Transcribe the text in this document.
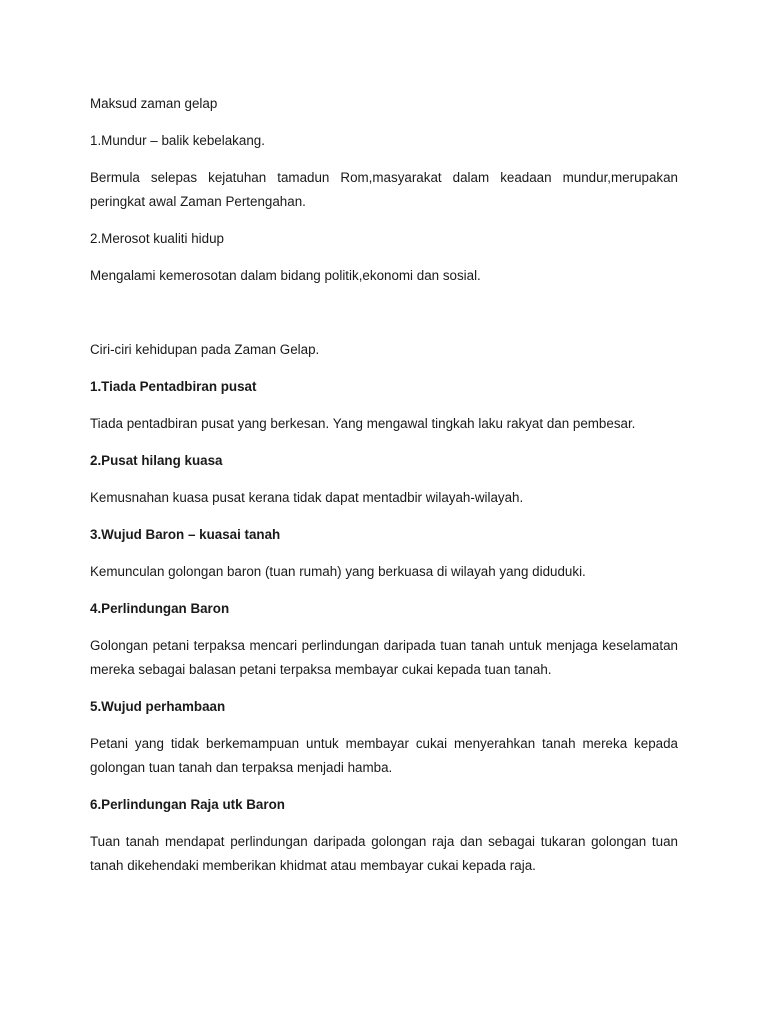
Maksud zaman gelap

1.Mundur – balik kebelakang.

Bermula selepas kejatuhan tamadun Rom,masyarakat dalam keadaan mundur,merupakan peringkat awal Zaman Pertengahan.

2.Merosot kualiti hidup

Mengalami kemerosotan dalam bidang politik,ekonomi dan sosial.

Ciri-ciri kehidupan pada Zaman Gelap.

1.Tiada Pentadbiran pusat

Tiada pentadbiran pusat yang berkesan. Yang mengawal tingkah laku rakyat dan pembesar.

2.Pusat hilang kuasa

Kemusnahan kuasa pusat kerana tidak dapat mentadbir wilayah-wilayah.

3.Wujud Baron – kuasai tanah

Kemunculan golongan baron (tuan rumah) yang berkuasa di wilayah yang diduduki.

4.Perlindungan Baron

Golongan petani terpaksa mencari perlindungan daripada tuan tanah untuk menjaga keselamatan mereka sebagai balasan petani terpaksa membayar cukai kepada tuan tanah.

5.Wujud perhambaan

Petani yang tidak berkemampuan untuk membayar cukai menyerahkan tanah mereka kepada golongan tuan tanah dan terpaksa menjadi hamba.

6.Perlindungan Raja utk Baron

Tuan tanah mendapat perlindungan daripada golongan raja dan sebagai tukaran golongan tuan tanah dikehendaki memberikan khidmat atau membayar cukai kepada raja.
